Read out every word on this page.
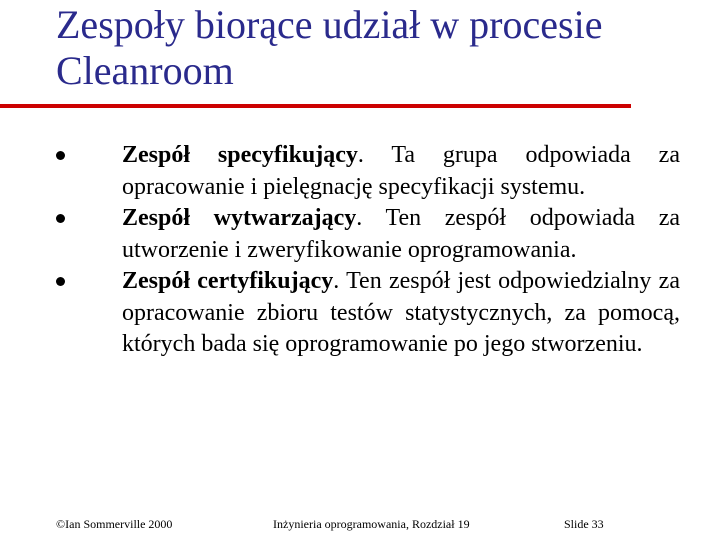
Zespoły biorące udział w procesie Cleanroom
Zespół specyfikujący. Ta grupa odpowiada za opracowanie i pielęgnację specyfikacji systemu.
Zespół wytwarzający. Ten zespół odpowiada za utworzenie i zweryfikowanie oprogramowania.
Zespół certyfikujący. Ten zespół jest odpowiedzialny za opracowanie zbioru testów statystycznych, za pomocą, których bada się oprogramowanie po jego stworzeniu.
©Ian Sommerville 2000	Inżynieria oprogramowania, Rozdział 19	Slide 33
